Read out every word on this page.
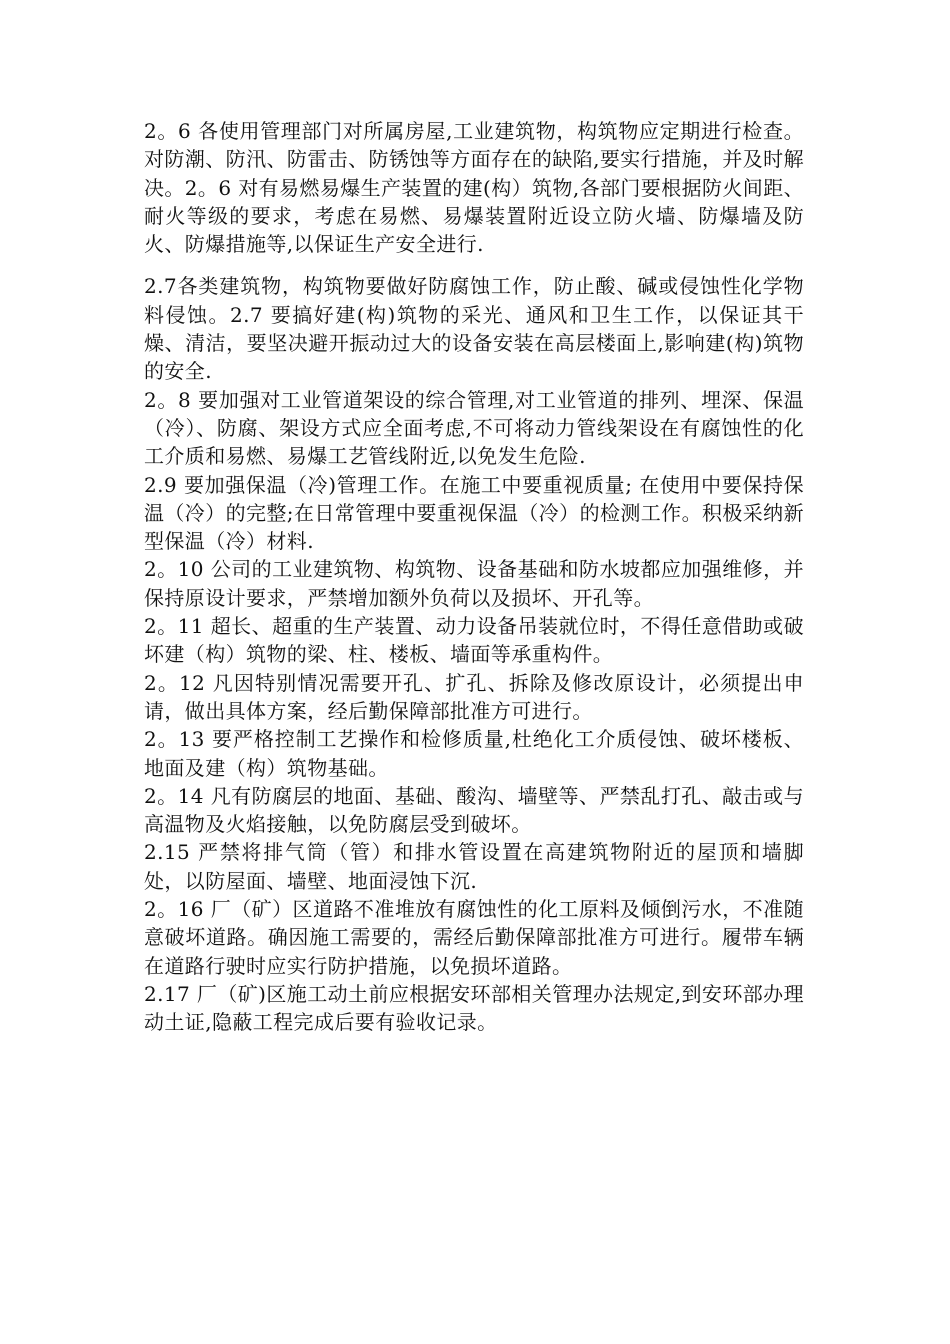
2。6 各使用管理部门对所属房屋,工业建筑物，构筑物应定期进行检查。对防潮、防汛、防雷击、防锈蚀等方面存在的缺陷,要实行措施，并及时解决。2。6 对有易燃易爆生产装置的建(构）筑物,各部门要根据防火间距、耐火等级的要求，考虑在易燃、易爆装置附近设立防火墙、防爆墙及防火、防爆措施等,以保证生产安全进行.

2.7各类建筑物，构筑物要做好防腐蚀工作，防止酸、碱或侵蚀性化学物料侵蚀。2.7 要搞好建(构)筑物的采光、通风和卫生工作，以保证其干燥、清洁，要坚决避开振动过大的设备安装在高层楼面上,影响建(构)筑物的安全.

2。8 要加强对工业管道架设的综合管理,对工业管道的排列、埋深、保温（冷）、防腐、架设方式应全面考虑,不可将动力管线架设在有腐蚀性的化工介质和易燃、易爆工艺管线附近,以免发生危险.

2.9 要加强保温（冷)管理工作。在施工中要重视质量; 在使用中要保持保温（冷）的完整;在日常管理中要重视保温（冷）的检测工作。积极采纳新型保温（冷）材料.

2。10 公司的工业建筑物、构筑物、设备基础和防水坡都应加强维修，并保持原设计要求，严禁增加额外负荷以及损坏、开孔等。

2。11 超长、超重的生产装置、动力设备吊装就位时，不得任意借助或破坏建（构）筑物的梁、柱、楼板、墙面等承重构件。

2。12 凡因特别情况需要开孔、扩孔、拆除及修改原设计，必须提出申请，做出具体方案，经后勤保障部批准方可进行。

2。13 要严格控制工艺操作和检修质量,杜绝化工介质侵蚀、破坏楼板、地面及建（构）筑物基础。

2。14 凡有防腐层的地面、基础、酸沟、墙壁等、严禁乱打孔、敲击或与高温物及火焰接触，以免防腐层受到破坏。

2.15 严禁将排气筒（管）和排水管设置在高建筑物附近的屋顶和墙脚处，以防屋面、墙壁、地面浸蚀下沉.

2。16 厂（矿）区道路不准堆放有腐蚀性的化工原料及倾倒污水，不准随意破坏道路。确因施工需要的，需经后勤保障部批准方可进行。履带车辆在道路行驶时应实行防护措施，以免损坏道路。

2.17 厂（矿)区施工动土前应根据安环部相关管理办法规定,到安环部办理动土证,隐蔽工程完成后要有验收记录。
